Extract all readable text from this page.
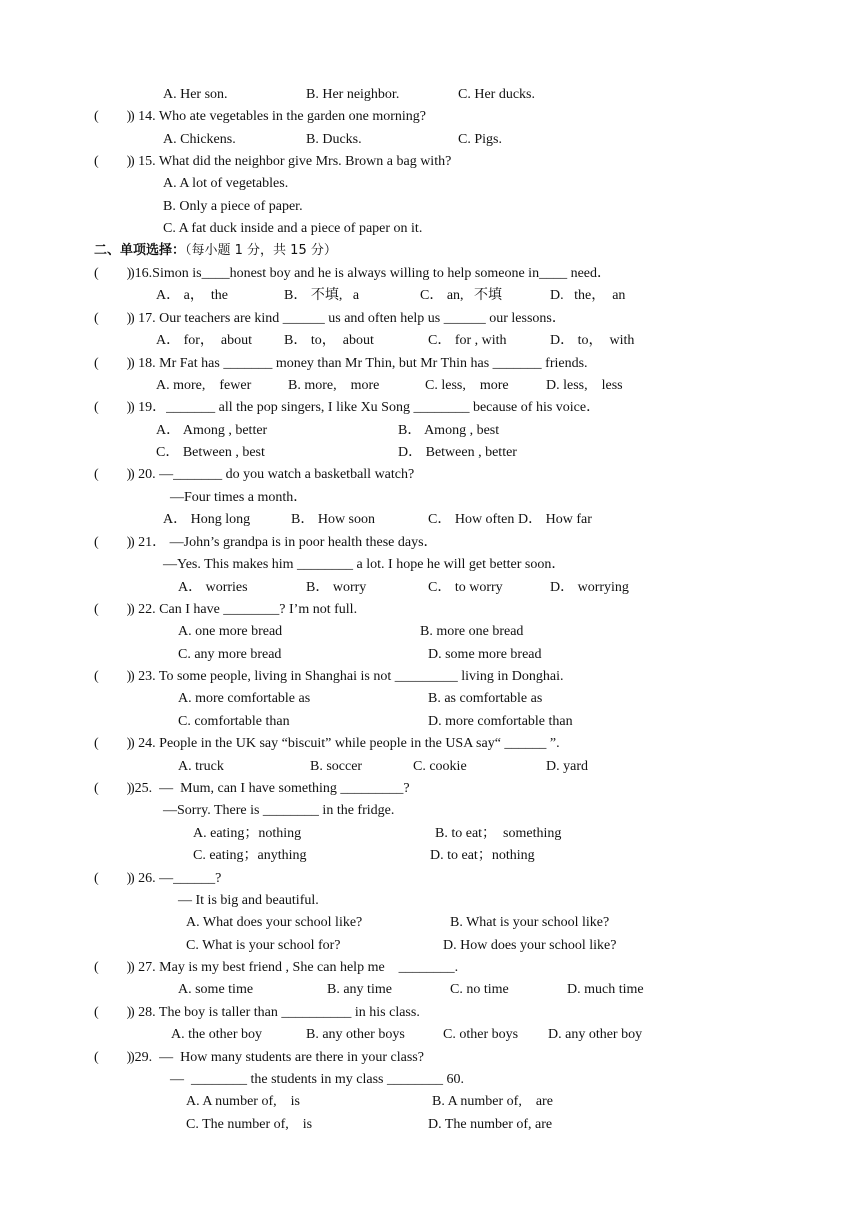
A. Her son.	B. Her neighbor.	C. Her ducks.
(        )
) 14. Who ate vegetables in the garden one morning?
A. Chickens.	B. Ducks.	C. Pigs.
(        )
) 15. What did the neighbor give Mrs. Brown a bag with?
A. A lot of vegetables.
B. Only a piece of paper.
C. A fat duck inside and a piece of paper on it.
二、单项选择：（每小题 1 分，共 15 分）
(        )
)16.Simon is____honest boy and he is always willing to help someone in____ need．
A． a，  the	B． 不填,   a	C． an,   不填	D.   the，  an
(        )
) 17. Our teachers are kind ______ us and often help us ______ our lessons．
A． for，  about B． to，  about	C． for , with	D． to，  with
(        )
) 18. Mr Fat has _______ money than Mr Thin, but Mr Thin has _______ friends.
A. more,    fewer	B. more,    more	C. less,    more	D. less,    less
(        )
) 19．_______ all the pop singers, I like Xu Song ________ because of his voice．
A． Among , better	B． Among , best
C． Between , best	D． Between , better
(        )
) 20. —_______ do you watch a basketball watch?
—Four times a month．
A． Hong long	B． How soon	C． How often D． How far
(        )
) 21． —John’s grandpa is in poor health these days．
—Yes. This makes him ________ a lot. I hope he will get better soon．
A． worries	B． worry	C． to worry	D． worrying
(        )
) 22. Can I have ________? I’m not full.
A. one more bread	B. more one bread
C. any more bread	D. some more bread
(        )
) 23. To some people, living in Shanghai is not _________ living in Donghai.
A. more comfortable as	B. as comfortable as
C. comfortable than	D. more comfortable than
(        )
) 24. People in the UK say “biscuit” while people in the USA say“ ______ ”.
A. truck	B. soccer	C. cookie	D. yard
(        )
)25.  —  Mum, can I have something _________?
—Sorry. There is ________ in the fridge.
A. eating；nothing	B. to eat；  something
C. eating；anything	D. to eat；nothing
(        )
) 26. —______?
— It is big and beautiful.
A. What does your school like?	B. What is your school like?
C. What is your school for?	D. How does your school like?
(        )
) 27. May is my best friend , She can help me    ________.
A. some time	B. any time	C. no time	D. much time
(        )
) 28. The boy is taller than __________ in his class.
A. the other boy	B. any other boys	C. other boys D. any other boy
(        )
)29.  —  How many students are there in your class?
—  ________ the students in my class ________ 60.
A. A number of,    is	B. A number of,    are
C. The number of,    is	D. The number of, are
